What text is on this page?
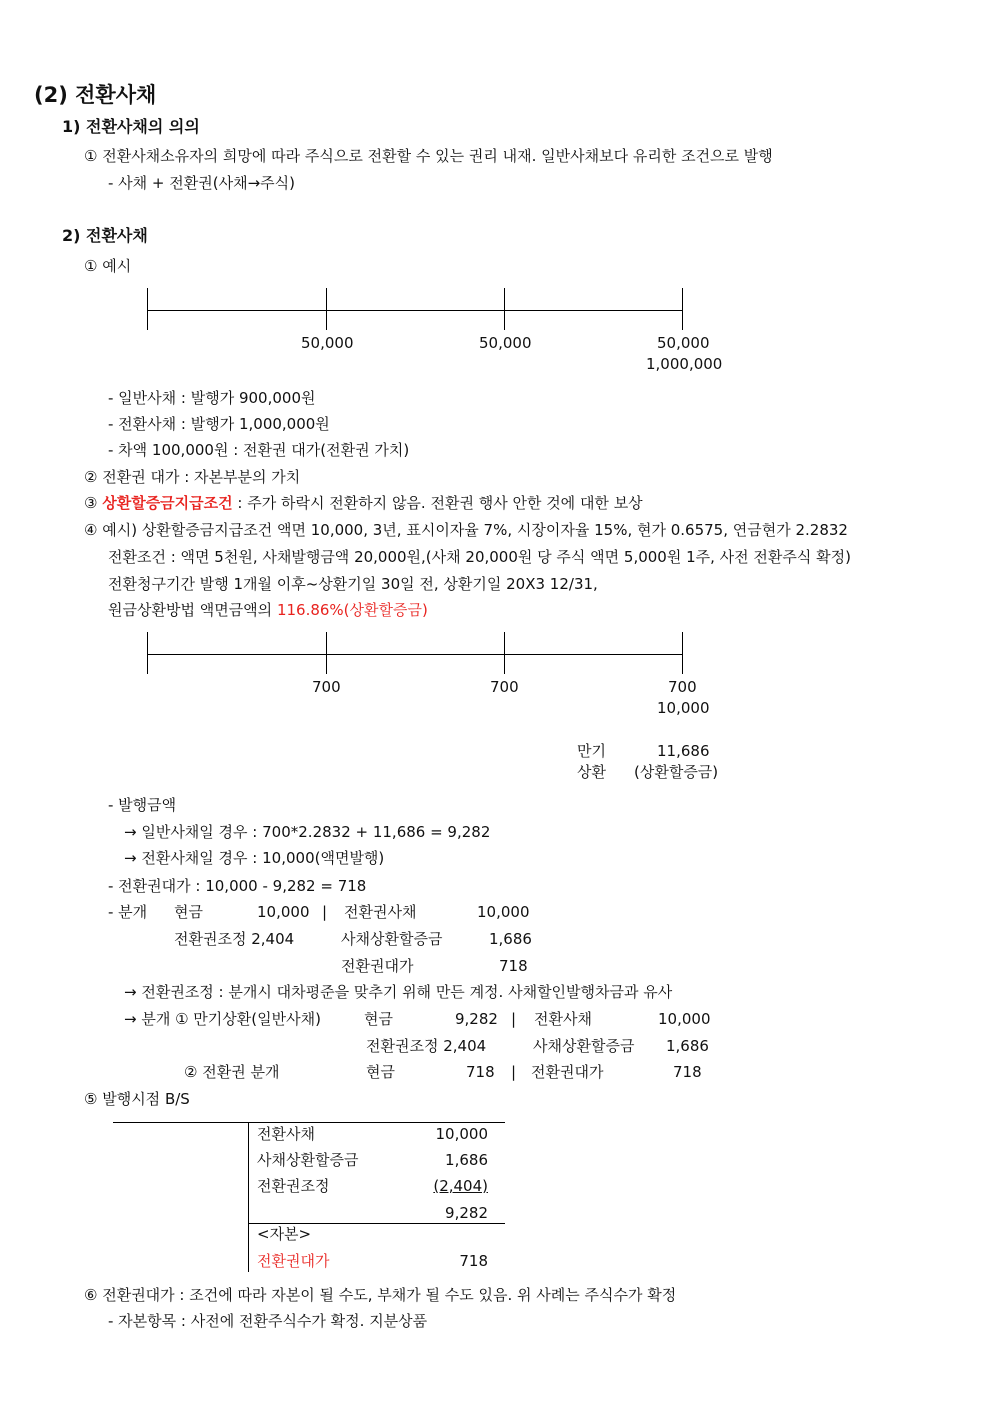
(2) 전환사채
1) 전환사채의 의의
① 전환사채소유자의 희망에 따라 주식으로 전환할 수 있는 권리 내재. 일반사채보다 유리한 조건으로 발행
- 사채 + 전환권(사채→주식)
2) 전환사채
① 예시
50,000	50,000	50,000
1,000,000
- 일반사채 : 발행가 900,000원
- 전환사채 : 발행가 1,000,000원
- 차액 100,000원 : 전환권 대가(전환권 가치)
② 전환권 대가 : 자본부분의 가치
③ 상환할증금지급조건 : 주가 하락시 전환하지 않음. 전환권 행사 안한 것에 대한 보상
④ 예시) 상환할증금지급조건 액면 10,000, 3년, 표시이자율 7%, 시장이자율 15%, 현가 0.6575, 연금현가 2.2832
전환조건 : 액면 5천원, 사채발행금액 20,000원,(사채 20,000원 당 주식 액면 5,000원 1주, 사전 전환주식 확정)
전환청구기간 발행 1개월 이후~상환기일 30일 전, 상환기일 20X3 12/31,
원금상환방법 액면금액의 116.86%(상환할증금)
700	700	700
10,000
만기	11,686
상환 (상환할증금)
- 발행금액
→ 일반사채일 경우 : 700*2.2832 + 11,686 = 9,282
→ 전환사채일 경우 : 10,000(액면발행)
- 전환권대가 : 10,000 - 9,282 = 718
- 분개 현금	10,000 | 전환권사채	10,000
전환권조정 2,404	사채상환할증금	1,686
전환권대가	718
→ 전환권조정 : 분개시 대차평준을 맞추기 위해 만든 계정. 사채할인발행차금과 유사
→ 분개 ① 만기상환(일반사채)	현금	9,282 | 전환사채	10,000
전환권조정 2,404	사채상환할증금 1,686
② 전환권 분개	현금	718 | 전환권대가	718
⑤ 발행시점 B/S
전환사채	10,000
사채상환할증금	1,686
전환권조정	(2,404)
9,282
<자본>
전환권대가	718
⑥ 전환권대가 : 조건에 따라 자본이 될 수도, 부채가 될 수도 있음. 위 사례는 주식수가 확정
- 자본항목 : 사전에 전환주식수가 확정. 지분상품
